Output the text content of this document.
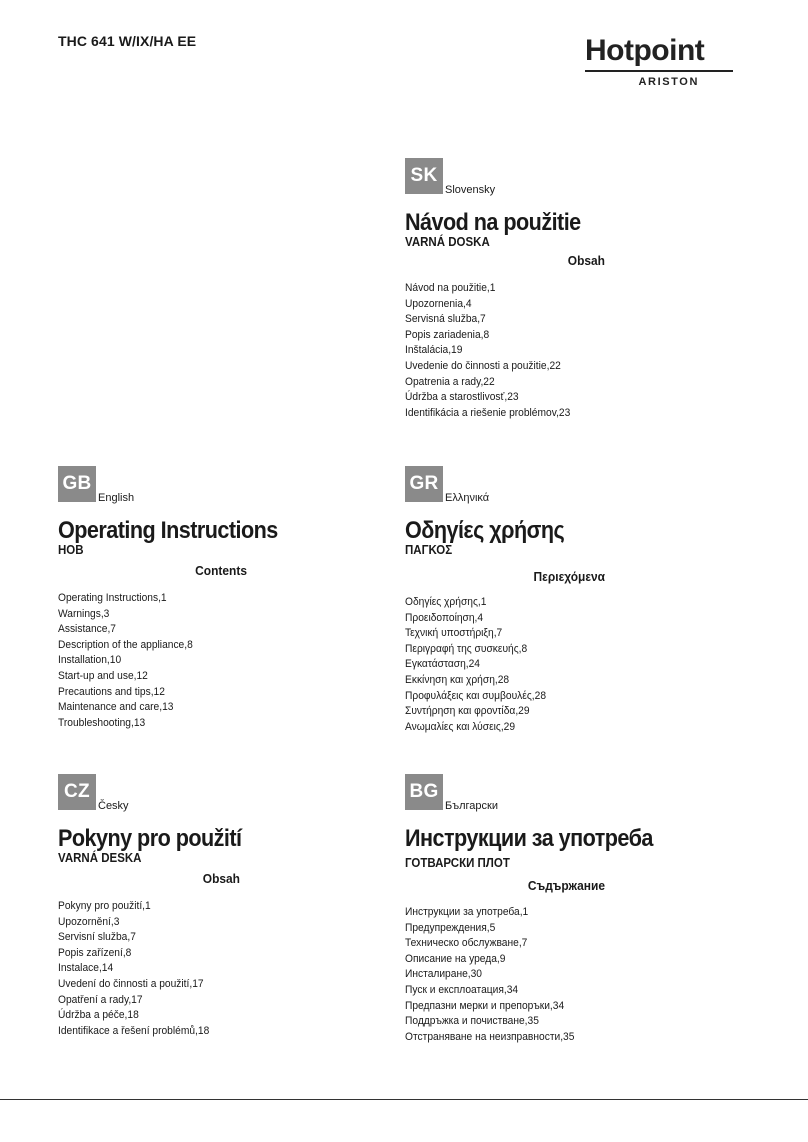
THC 641 W/IX/HA EE	Hotpoint
ARISTON
SK
Slovensky
Návod na použitie
VARNÁ DOSKA
Obsah
Návod na použitie,1
Upozornenia,4
Servisná služba,7
Popis zariadenia,8
Inštalácia,19
Uvedenie do činnosti a použitie,22
Opatrenia a rady,22
Údržba a starostlivosť,23
Identifikácia a riešenie problémov,23
GB
English
Operating Instructions
HOB
Contents
Operating Instructions,1
Warnings,3
Assistance,7
Description of the appliance,8
Installation,10
Start-up and use,12
Precautions and tips,12
Maintenance and care,13
Troubleshooting,13
GR
Ελληνικά
Οδηγίες χρήσης
ΠΑΓΚΟΣ
Περιεχόμενα
Οδηγίες χρήσης,1
Προειδοποίηση,4
Τεχνική υποστήριξη,7
Περιγραφή της συσκευής,8
Εγκατάσταση,24
Εκκίνηση και χρήση,28
Προφυλάξεις και συμβουλές,28
Συντήρηση και φροντίδα,29
Ανωμαλίες και λύσεις,29
CZ
Česky
Pokyny pro použití
VARNÁ DESKA
Obsah
Pokyny pro použití,1
Upozornění,3
Servisní služba,7
Popis zařízení,8
Instalace,14
Uvedení do činnosti a použití,17
Opatření a rady,17
Údržba a péče,18
Identifikace a řešení problémů,18
BG
Български
Инструкции за употреба
ГОТВАРСКИ ПЛОТ
Съдържание
Инструкции за употреба,1
Предупреждения,5
Техническо обслужване,7
Описание на уреда,9
Инсталиране,30
Пуск и експлоатация,34
Предпазни мерки и препоръки,34
Поддръжка и почистване,35
Отстраняване на неизправности,35
